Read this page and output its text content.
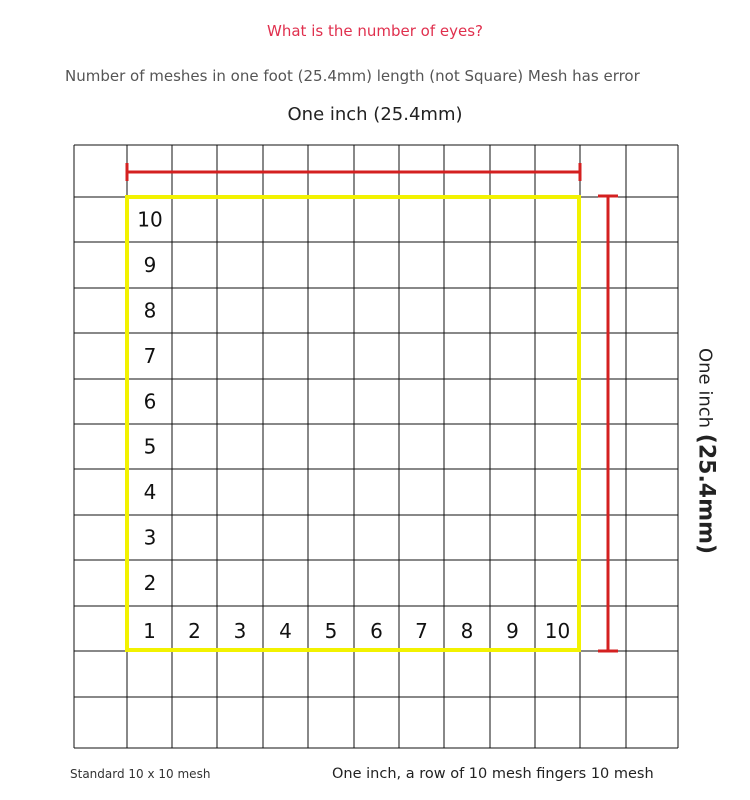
What is the number of eyes?
Number of meshes in one foot (25.4mm) length (not Square) Mesh has error
One inch (25.4mm)
One inch (25.4mm)
1 2 3 4 5 6 7 8 9 10
2
3
4
5
6
7
8
9
10
Standard 10 x 10 mesh	One inch, a row of 10 mesh fingers 10 mesh
